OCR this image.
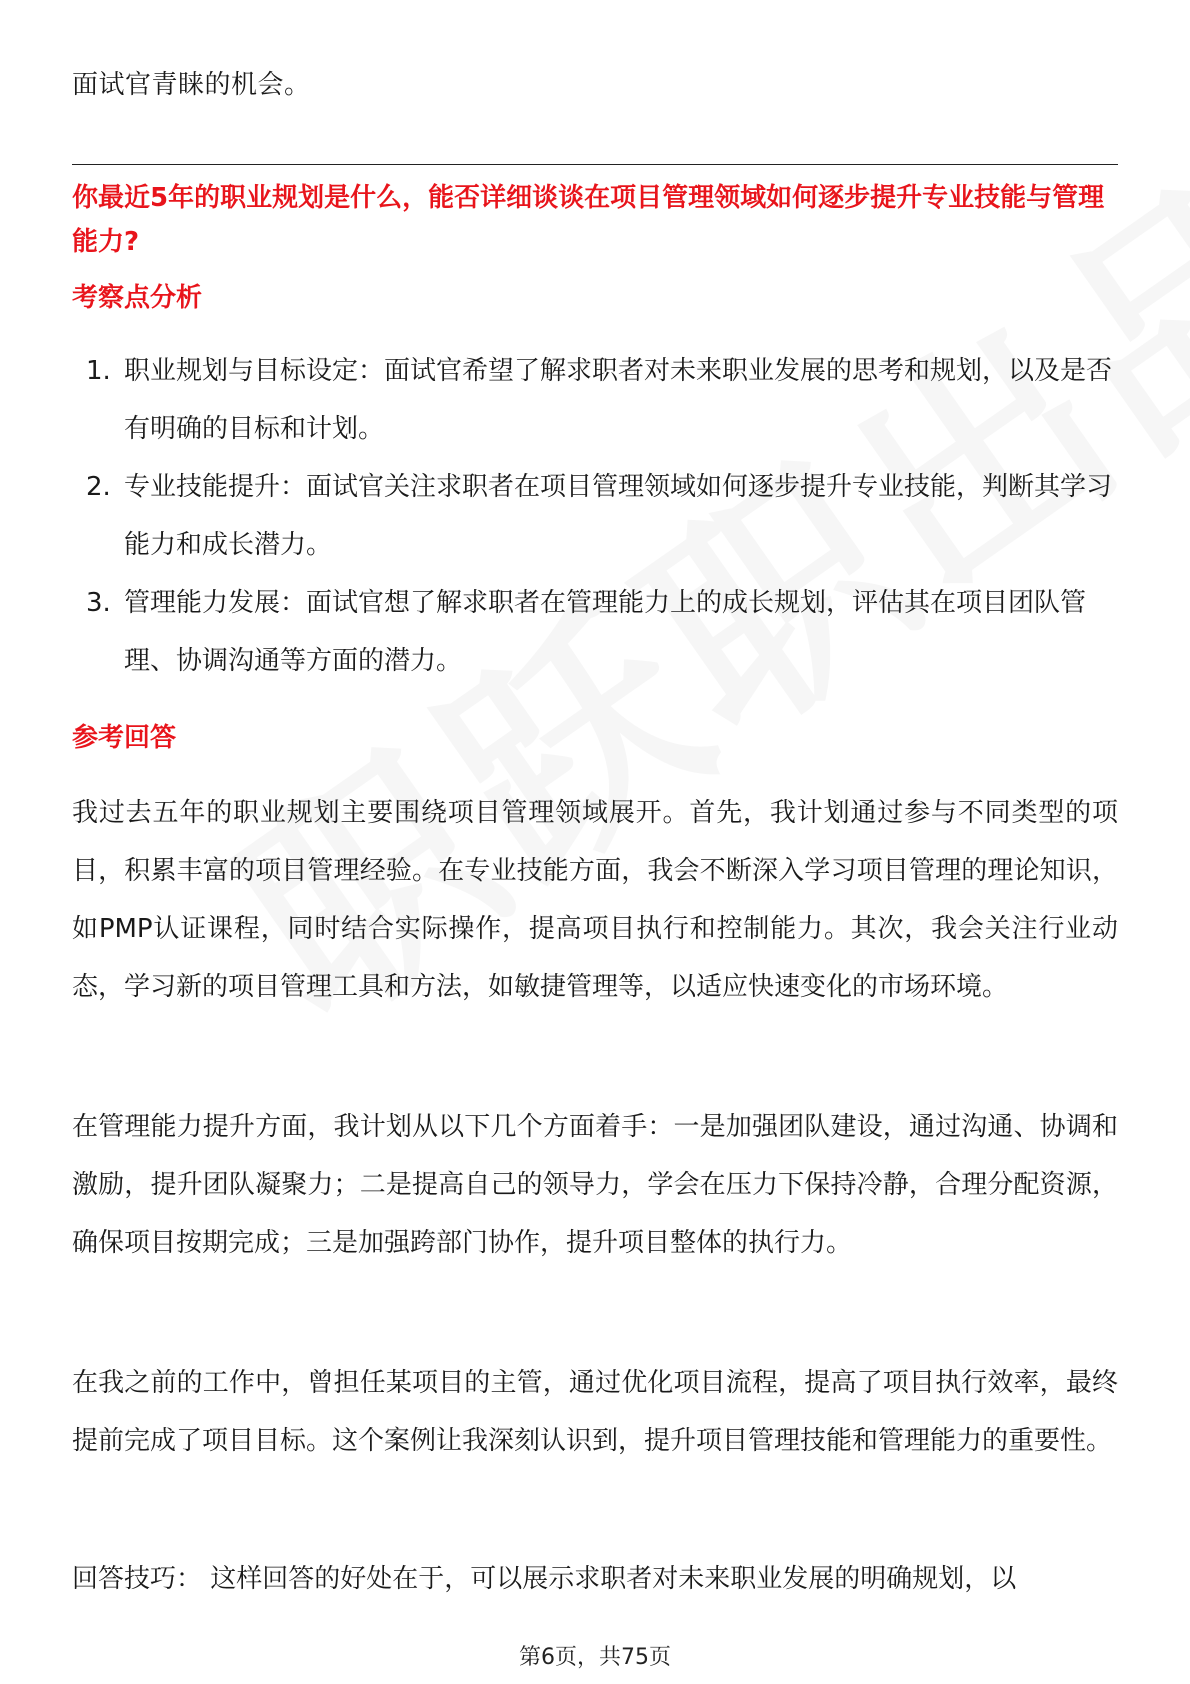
面试官青睐的机会。

你最近5年的职业规划是什么，能否详细谈谈在项目管理领域如何逐步提升专业技能与管理能力?

考察点分析

1. 职业规划与目标设定：面试官希望了解求职者对未来职业发展的思考和规划，以及是否有明确的目标和计划。
2. 专业技能提升：面试官关注求职者在项目管理领域如何逐步提升专业技能，判断其学习能力和成长潜力。
3. 管理能力发展：面试官想了解求职者在管理能力上的成长规划，评估其在项目团队管理、协调沟通等方面的潜力。

参考回答

我过去五年的职业规划主要围绕项目管理领域展开。首先，我计划通过参与不同类型的项目，积累丰富的项目管理经验。在专业技能方面，我会不断深入学习项目管理的理论知识，如PMP认证课程，同时结合实际操作，提高项目执行和控制能力。其次，我会关注行业动态，学习新的项目管理工具和方法，如敏捷管理等，以适应快速变化的市场环境。

在管理能力提升方面，我计划从以下几个方面着手：一是加强团队建设，通过沟通、协调和激励，提升团队凝聚力；二是提高自己的领导力，学会在压力下保持冷静，合理分配资源，确保项目按期完成；三是加强跨部门协作，提升项目整体的执行力。

在我之前的工作中，曾担任某项目的主管，通过优化项目流程，提高了项目执行效率，最终提前完成了项目目标。这个案例让我深刻认识到，提升项目管理技能和管理能力的重要性。

回答技巧： 这样回答的好处在于，可以展示求职者对未来职业发展的明确规划，以

第6页，共75页
